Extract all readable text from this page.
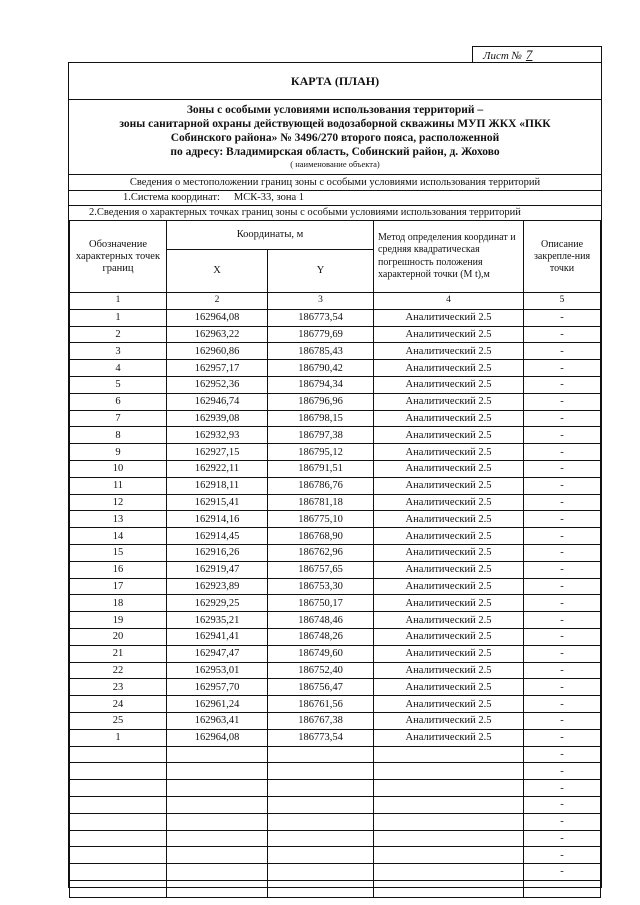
Лист № 7
КАРТА (ПЛАН)
Зоны с особыми условиями использования территорий –
зоны санитарной охраны действующей водозаборной скважины МУП ЖКХ «ПКК
Собинского района» № 3496/270 второго пояса, расположенной
по адресу: Владимирская область, Собинский район, д. Жохово
( наименование объекта)
Сведения о местоположении границ зоны с особыми условиями использования территорий
1.Система координат: МСК-33, зона 1
2.Сведения о характерных точках границ зоны с особыми условиями использования территорий
Обозначение характерных точек границ	Координаты, м		Метод определения координат и средняя квадратическая погрешность положения характерной точки (М t),м	Описание закрепле-ния точки
	X	Y		
1	2	3	4	5
1	162964,08	186773,54	Аналитический 2.5	-
2	162963,22	186779,69	Аналитический 2.5	-
3	162960,86	186785,43	Аналитический 2.5	-
4	162957,17	186790,42	Аналитический 2.5	-
5	162952,36	186794,34	Аналитический 2.5	-
6	162946,74	186796,96	Аналитический 2.5	-
7	162939,08	186798,15	Аналитический 2.5	-
8	162932,93	186797,38	Аналитический 2.5	-
9	162927,15	186795,12	Аналитический 2.5	-
10	162922,11	186791,51	Аналитический 2.5	-
11	162918,11	186786,76	Аналитический 2.5	-
12	162915,41	186781,18	Аналитический 2.5	-
13	162914,16	186775,10	Аналитический 2.5	-
14	162914,45	186768,90	Аналитический 2.5	-
15	162916,26	186762,96	Аналитический 2.5	-
16	162919,47	186757,65	Аналитический 2.5	-
17	162923,89	186753,30	Аналитический 2.5	-
18	162929,25	186750,17	Аналитический 2.5	-
19	162935,21	186748,46	Аналитический 2.5	-
20	162941,41	186748,26	Аналитический 2.5	-
21	162947,47	186749,60	Аналитический 2.5	-
22	162953,01	186752,40	Аналитический 2.5	-
23	162957,70	186756,47	Аналитический 2.5	-
24	162961,24	186761,56	Аналитический 2.5	-
25	162963,41	186767,38	Аналитический 2.5	-
1	162964,08	186773,54	Аналитический 2.5	-
				-
				-
				-
				-
				-
				-
				-
				-
